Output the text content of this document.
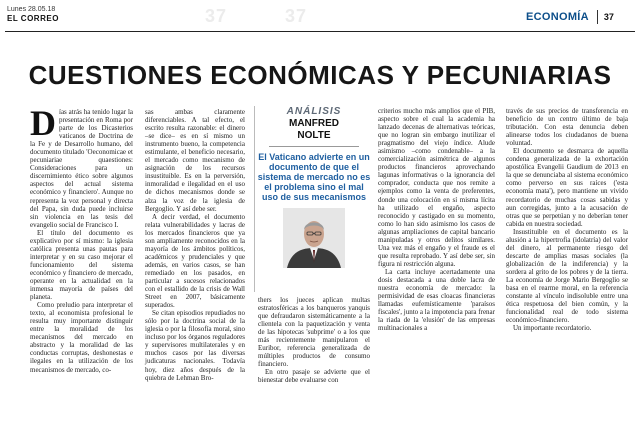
Lunes 28.05.18
EL CORREO	37	37	ECONOMÍA	37
CUESTIONES ECONÓMICAS Y PECUNIARIAS
D ías atrás ha tenido lugar la presentación en Roma por parte de los Dicasterios vaticanos de Doctrina de la Fe y de Desarrollo humano, del documento titulado 'Oeconomicae et pecuniariae quaestiones: Consideraciones para un discernimiento ético sobre algunos aspectos del actual sistema económico y financiero'. Aunque no representa la voz personal y directa del Papa, sin duda puede incluirse sin violencia en las tesis del evangelio social de Francisco I.

El título del documento es explicativo por sí mismo: la iglesia católica presenta unas pautas para interpretar y en su caso mejorar el funcionamiento del sistema económico y financiero de mercado, operante en la actualidad en la inmensa mayoría de países del planeta.

Como preludio para interpretar el texto, al economista profesional le resulta muy importante distinguir entre la moralidad de los mecanismos del mercado en abstracto y la moralidad de las conductas corruptas, deshonestas e ilegales en la utilización de los mecanismos de mercado, co-

sas ambas claramente diferenciables. A tal efecto, el escrito resulta razonable: el dinero –se dice– es en sí mismo un instrumento bueno, la competencia estimulante, el beneficio necesario, el mercado como mecanismo de asignación de los recursos insustituible. Es en la perversión, inmoralidad e ilegalidad en el uso de dichos mecanismos donde se alza la voz de la iglesia de Bergoglio. Y así debe ser.

A decir verdad, el documento relata vulnerabilidades y lacras de los mercados financieros que ya son ampliamente reconocidos en la mayoría de los ámbitos políticos, académicos y prudenciales y que además, en varios casos, se han remediado en los pasados, en particular a sucesos relacionados con el estallido de la crisis de Wall Street en 2007, básicamente superados.

Se citan episodios repudiados no sólo por la doctrina social de la iglesia o por la filosofía moral, sino incluso por los órganos reguladores y supervisores multilaterales y en muchos casos por las diversas judicaturas nacionales. Todavía hoy, diez años después de la quiebra de Lehman Bro-

ANÁLISIS
MANFRED
NOLTE
El Vaticano advierte en un documento de que el sistema de mercado no es el problema sino el mal uso de sus mecanismos

thers los jueces aplican multas estratosféricas a los banqueros yanquis que defraudaron sistemáticamente a la clientela con la paquetización y venta de las hipotecas 'subprime' o a los que más recientemente manipularon el Euribor, referencia generalizada de múltiples productos de consumo financiero.

En otro pasaje se advierte que el bienestar debe evaluarse con

criterios mucho más amplios que el PIB, aspecto sobre el cual la academia ha lanzado decenas de alternativas teóricas, que no logran sin embargo inutilizar el pragmatismo del viejo índice. Alude asimismo –como condenable– a la comercialización asimétrica de algunos productos financieros aprovechando lagunas informativas o la ignorancia del comprador, conducta que nos remite a ejemplos como la venta de preferentes, donde una colocación en sí misma lícita ha utilizado el engaño, aspecto reconocido y castigado en su momento, como lo han sido asimismo los casos de algunas ampliaciones de capital bancario manipuladas y otros delitos similares. Una vez más el engaño y el fraude es el que resulta reprobado. Y así debe ser, sin figura ni restricción alguna.

La carta incluye acertadamente una dosis destacada a una doble lacra de nuestra economía de mercado: la permisividad de esas cloacas financieras llamadas eufemísticamente 'paraísos fiscales', junto a la impotencia para frenar la riada de la 'elusión' de las empresas multinacionales a

través de sus precios de transferencia en beneficio de un centro último de baja tributación. Con esta denuncia deben alinearse todos los ciudadanos de buena voluntad.

El documento se desmarca de aquella condena generalizada de la exhortación apostólica Evangelii Gaudium de 2013 en la que se denunciaba al sistema económico como perverso en sus raíces ('esta economía mata'), pero mantiene un vivido recordatorio de muchas cosas sabidas y aun corregidas, junto a la acusación de otras que se perpetúan y no deberían tener cabida en nuestra sociedad.

Insustituible en el documento es la alusión a la hipertrofia (idolatría) del valor del dinero, al permanente riesgo del descarte de amplias masas sociales (la globalización de la indiferencia) y la sordera al grito de los pobres y de la tierra. La economía de Jorge Mario Bergoglio se basa en el rearme moral, en la referencia constante al vínculo indisoluble entre una ética respetuosa del bien común, y la funcionalidad real de todo sistema económico-financiero.

Un importante recordatorio.
